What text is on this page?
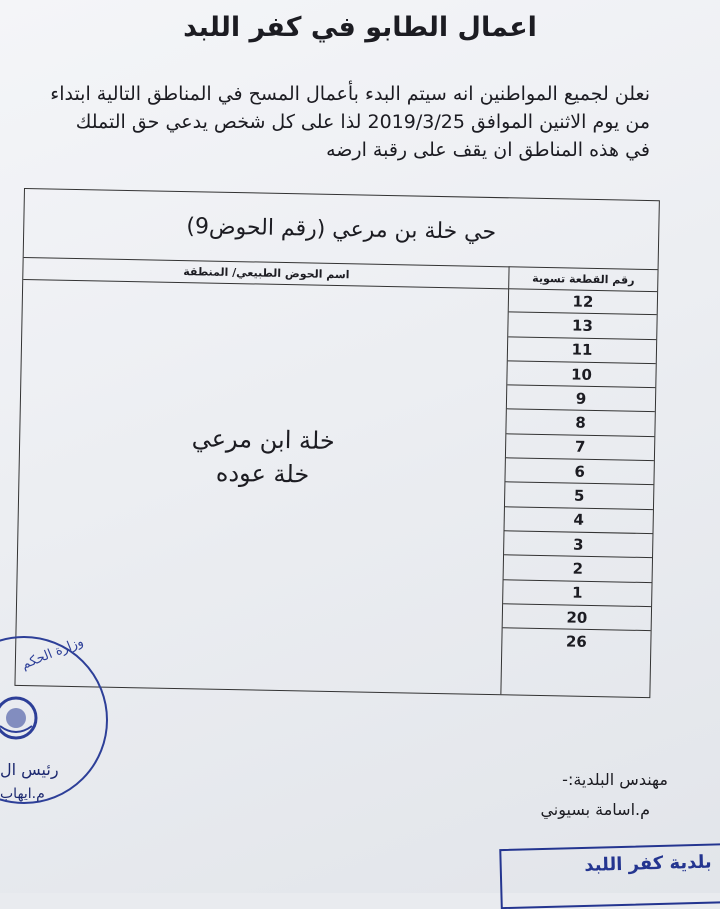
اعمال الطابو في كفر اللبد
نعلن لجميع المواطنين انه سيتم البدء بأعمال المسح في المناطق التالية ابتداء
من يوم الاثنين الموافق 2019/3/25 لذا على كل شخص يدعي حق التملك
في هذه المناطق ان يقف على رقبة ارضه
حي خلة بن مرعي (رقم الحوض9)
اسم الحوض الطبيعي/ المنطقة	رقم القطعة تسوية
خلة ابن مرعي
خلة عوده
12
13
11
10
9
8
7
6
5
4
3
2
1
20
26
وزارة الحكم
رئيس ال
م.ايهاب
مهندس البلدية:-
م.اسامة بسيوني
بلدية كفر اللبد
